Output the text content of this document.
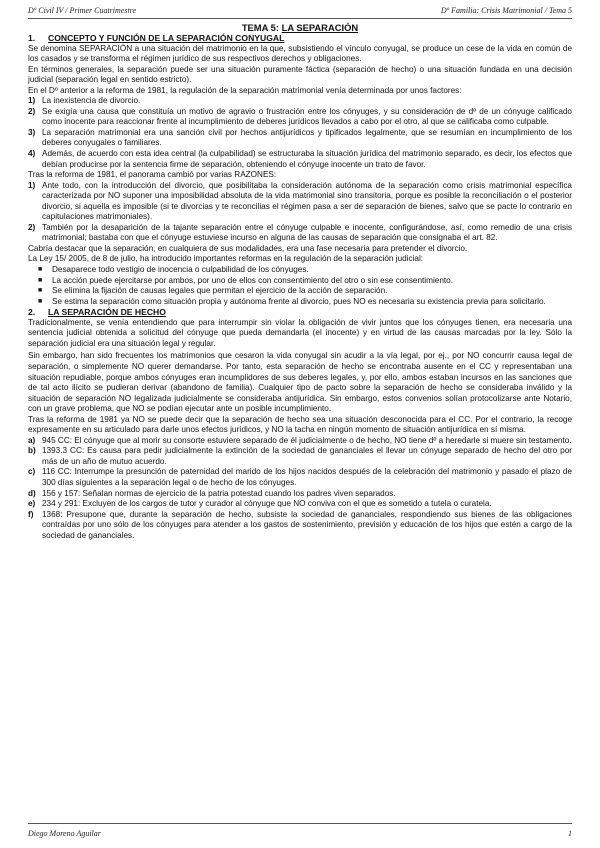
Dº Civil IV / Primer Cuatrimestre	Dº Familia: Crisis Matrimonial / Tema 5
TEMA 5: LA SEPARACIÓN
1. CONCEPTO Y FUNCIÓN DE LA SEPARACIÓN CONYUGAL

Se denomina SEPARACIÓN a una situación del matrimonio en la que, subsistiendo el vínculo conyugal, se produce un cese de la vida en común de los casados y se transforma el régimen jurídico de sus respectivos derechos y obligaciones.

En términos generales, la separación puede ser una situación puramente fáctica (separación de hecho) o una situación fundada en una decisión judicial (separación legal en sentido estricto).

En el Dº anterior a la reforma de 1981, la regulación de la separación matrimonial venía determinada por unos factores:

1) La inexistencia de divorcio.
2) Se exigía una causa que constituía un motivo de agravio o frustración entre los cónyuges, y su consideración de dº de un cónyuge calificado como inocente para reaccionar frente al incumplimiento de deberes jurídicos llevados a cabo por el otro, al que se calificaba como culpable.
3) La separación matrimonial era una sanción civil por hechos antijurídicos y tipificados legalmente, que se resumían en incumplimiento de los deberes conyugales o familiares.
4) Además, de acuerdo con esta idea central (la culpabilidad) se estructuraba la situación jurídica del matrimonio separado, es decir, los efectos que debían producirse por la sentencia firme de separación, obteniendo el cónyuge inocente un trato de favor.

Tras la reforma de 1981, el panorama cambió por varias RAZONES:

1) Ante todo, con la introducción del divorcio, que posibilitaba la consideración autónoma de la separación como crisis matrimonial específica caracterizada por NO suponer una imposibilidad absoluta de la vida matrimonial sino transitoria, porque es posible la reconciliación o el posterior divorcio, si aquella es imposible (si te divorcias y te reconcilias el régimen pasa a ser de separación de bienes, salvo que se pacte lo contrario en capitulaciones matrimoniales).
2) También por la desaparición de la tajante separación entre el cónyuge culpable e inocente, configurándose, así, como remedio de una crisis matrimonial; bastaba con que el cónyuge estuviese incurso en alguna de las causas de separación que consignaba el art. 82.

Cabría destacar que la separación, en cualquiera de sus modalidades, era una fase necesaria para pretender el divorcio.

La Ley 15/ 2005, de 8 de julio, ha introducido importantes reformas en la regulación de la separación judicial:

■	Desaparece todo vestigio de inocencia o culpabilidad de los cónyuges.
■	La acción puede ejercitarse por ambos, por uno de ellos con consentimiento del otro o sin ese consentimiento.
■	Se elimina la fijación de causas legales que permitan el ejercicio de la acción de separación.
■	Se estima la separación como situación propia y autónoma frente al divorcio, pues NO es necesaria su existencia previa para solicitarlo.
2. LA SEPARACIÓN DE HECHO

Tradicionalmente, se venía entendiendo que para interrumpir sin violar la obligación de vivir juntos que los cónyuges tienen, era necesaria una sentencia judicial obtenida a solicitud del cónyuge que pueda demandarla (el inocente) y en virtud de las causas marcadas por la ley. Sólo la separación judicial era una situación legal y regular.

Sin embargo, han sido frecuentes los matrimonios que cesaron la vida conyugal sin acudir a la vía legal, por ej., por NO concurrir causa legal de separación, o simplemente NO querer demandarse. Por tanto, esta separación de hecho se encontraba ausente en el CC y representaban una situación repudiable, porque ambos cónyuges eran incumplidores de sus deberes legales, y, por ello, ambos estaban incursos en las sanciones que de tal acto ilícito se pudieran derivar (abandono de familia). Cualquier tipo de pacto sobre la separación de hecho se consideraba inválido y la situación de separación NO legalizada judicialmente se consideraba antijurídica. Sin embargo, estos convenios solían protocolizarse ante Notario, con un grave problema, que NO se podían ejecutar ante un posible incumplimiento.

Tras la reforma de 1981 ya NO se puede decir que la separación de hecho sea una situación desconocida para el CC. Por el contrario, la recoge expresamente en su articulado para darle unos efectos jurídicos, y NO la tacha en ningún momento de situación antijurídica en sí misma.

a) 945 CC: El cónyuge que al morir su consorte estuviere separado de él judicialmente o de hecho, NO tiene dº a heredarle si muere sin testamento.
b) 1393.3 CC: Es causa para pedir judicialmente la extinción de la sociedad de gananciales el llevar un cónyuge separado de hecho del otro por más de un año de mutuo acuerdo.
c) 116 CC: Interrumpe la presunción de paternidad del marido de los hijos nacidos después de la celebración del matrimonio y pasado el plazo de 300 días siguientes a la separación legal o de hecho de los cónyuges.
d) 156 y 157: Señalan normas de ejercicio de la patria potestad cuando los padres viven separados.
e) 234 y 291: Excluyen de los cargos de tutor y curador al cónyuge que NO conviva con el que es sometido a tutela o curatela.
f)	1368: Presupone que, durante la separación de hecho, subsiste la sociedad de gananciales, respondiendo sus bienes de las obligaciones contraídas por uno sólo de los cónyuges para atender a los gastos de sostenimiento, previsión y educación de los hijos que estén a cargo de la sociedad de gananciales.
Diego Moreno Aguilar	1
